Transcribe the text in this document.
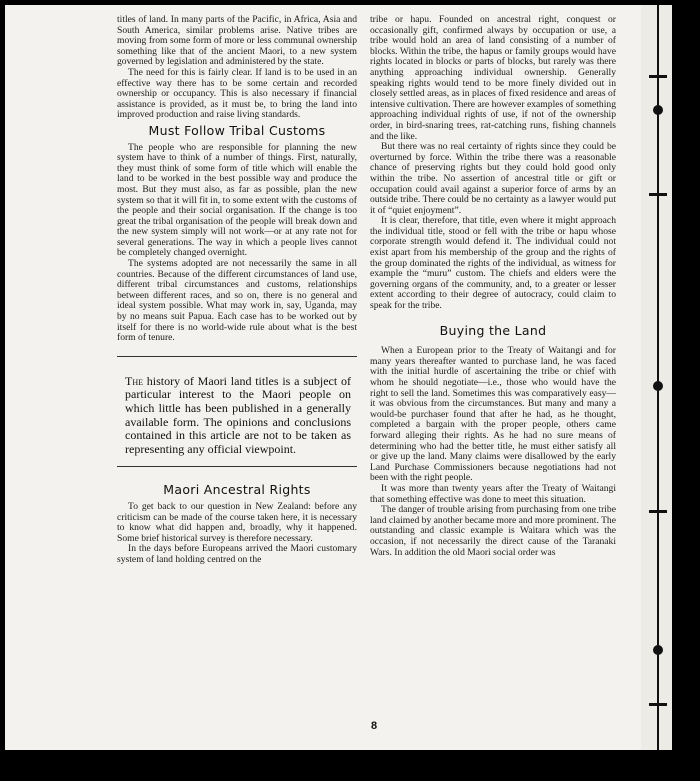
titles of land. In many parts of the Pacific, in Africa, Asia and South America, similar problems arise. Native tribes are moving from some form of more or less communal ownership something like that of the ancient Maori, to a new system governed by legislation and administered by the state.

The need for this is fairly clear. If land is to be used in an effective way there has to be some certain and recorded ownership or occupancy. This is also necessary if financial assistance is provided, as it must be, to bring the land into improved production and raise living standards.

Must Follow Tribal Customs

The people who are responsible for planning the new system have to think of a number of things. First, naturally, they must think of some form of title which will enable the land to be worked in the best possible way and produce the most. But they must also, as far as possible, plan the new system so that it will fit in, to some extent with the customs of the people and their social organisation. If the change is too great the tribal organisation of the people will break down and the new system simply will not work—or at any rate not for several generations. The way in which a people lives cannot be completely changed overnight.

The systems adopted are not necessarily the same in all countries. Because of the different circumstances of land use, different tribal circumstances and customs, relationships between different races, and so on, there is no general and ideal system possible. What may work in, say, Uganda, may by no means suit Papua. Each case has to be worked out by itself for there is no world-wide rule about what is the best form of tenure.

The history of Maori land titles is a subject of particular interest to the Maori people on which little has been published in a generally available form. The opinions and conclusions contained in this article are not to be taken as representing any official viewpoint.
Maori Ancestral Rights

To get back to our question in New Zealand: before any criticism can be made of the course taken here, it is necessary to know what did happen and, broadly, why it happened. Some brief historical survey is therefore necessary.

In the days before Europeans arrived the Maori customary system of land holding centred on the

tribe or hapu. Founded on ancestral right, conquest or occasionally gift, confirmed always by occupation or use, a tribe would hold an area of land consisting of a number of blocks. Within the tribe, the hapus or family groups would have rights located in blocks or parts of blocks, but rarely was there anything approaching individual ownership. Generally speaking rights would tend to be more finely divided out in closely settled areas, as in places of fixed residence and areas of intensive cultivation. There are however examples of something approaching individual rights of use, if not of the ownership order, in bird-snaring trees, rat-catching runs, fishing channels and the like.

But there was no real certainty of rights since they could be overturned by force. Within the tribe there was a reasonable chance of preserving rights but they could hold good only within the tribe. No assertion of ancestral title or gift or occupation could avail against a superior force of arms by an outside tribe. There could be no certainty as a lawyer would put it of “quiet enjoyment”.

It is clear, therefore, that title, even where it might approach the individual title, stood or fell with the tribe or hapu whose corporate strength would defend it. The individual could not exist apart from his membership of the group and the rights of the group dominated the rights of the individual, as witness for example the “muru” custom. The chiefs and elders were the governing organs of the community, and, to a greater or lesser extent according to their degree of autocracy, could claim to speak for the tribe.

Buying the Land

When a European prior to the Treaty of Waitangi and for many years thereafter wanted to purchase land, he was faced with the initial hurdle of ascertaining the tribe or chief with whom he should negotiate—i.e., those who would have the right to sell the land. Sometimes this was comparatively easy—it was obvious from the circumstances. But many and many a would-be purchaser found that after he had, as he thought, completed a bargain with the proper people, others came forward alleging their rights. As he had no sure means of determining who had the better title, he must either satisfy all or give up the land. Many claims were disallowed by the early Land Purchase Commissioners because negotiations had not been with the right people.

It was more than twenty years after the Treaty of Waitangi that something effective was done to meet this situation.

The danger of trouble arising from purchasing from one tribe land claimed by another became more and more prominent. The outstanding and classic example is Waitara which was the occasion, if not necessarily the direct cause of the Taranaki Wars. In addition the old Maori social order was

8
